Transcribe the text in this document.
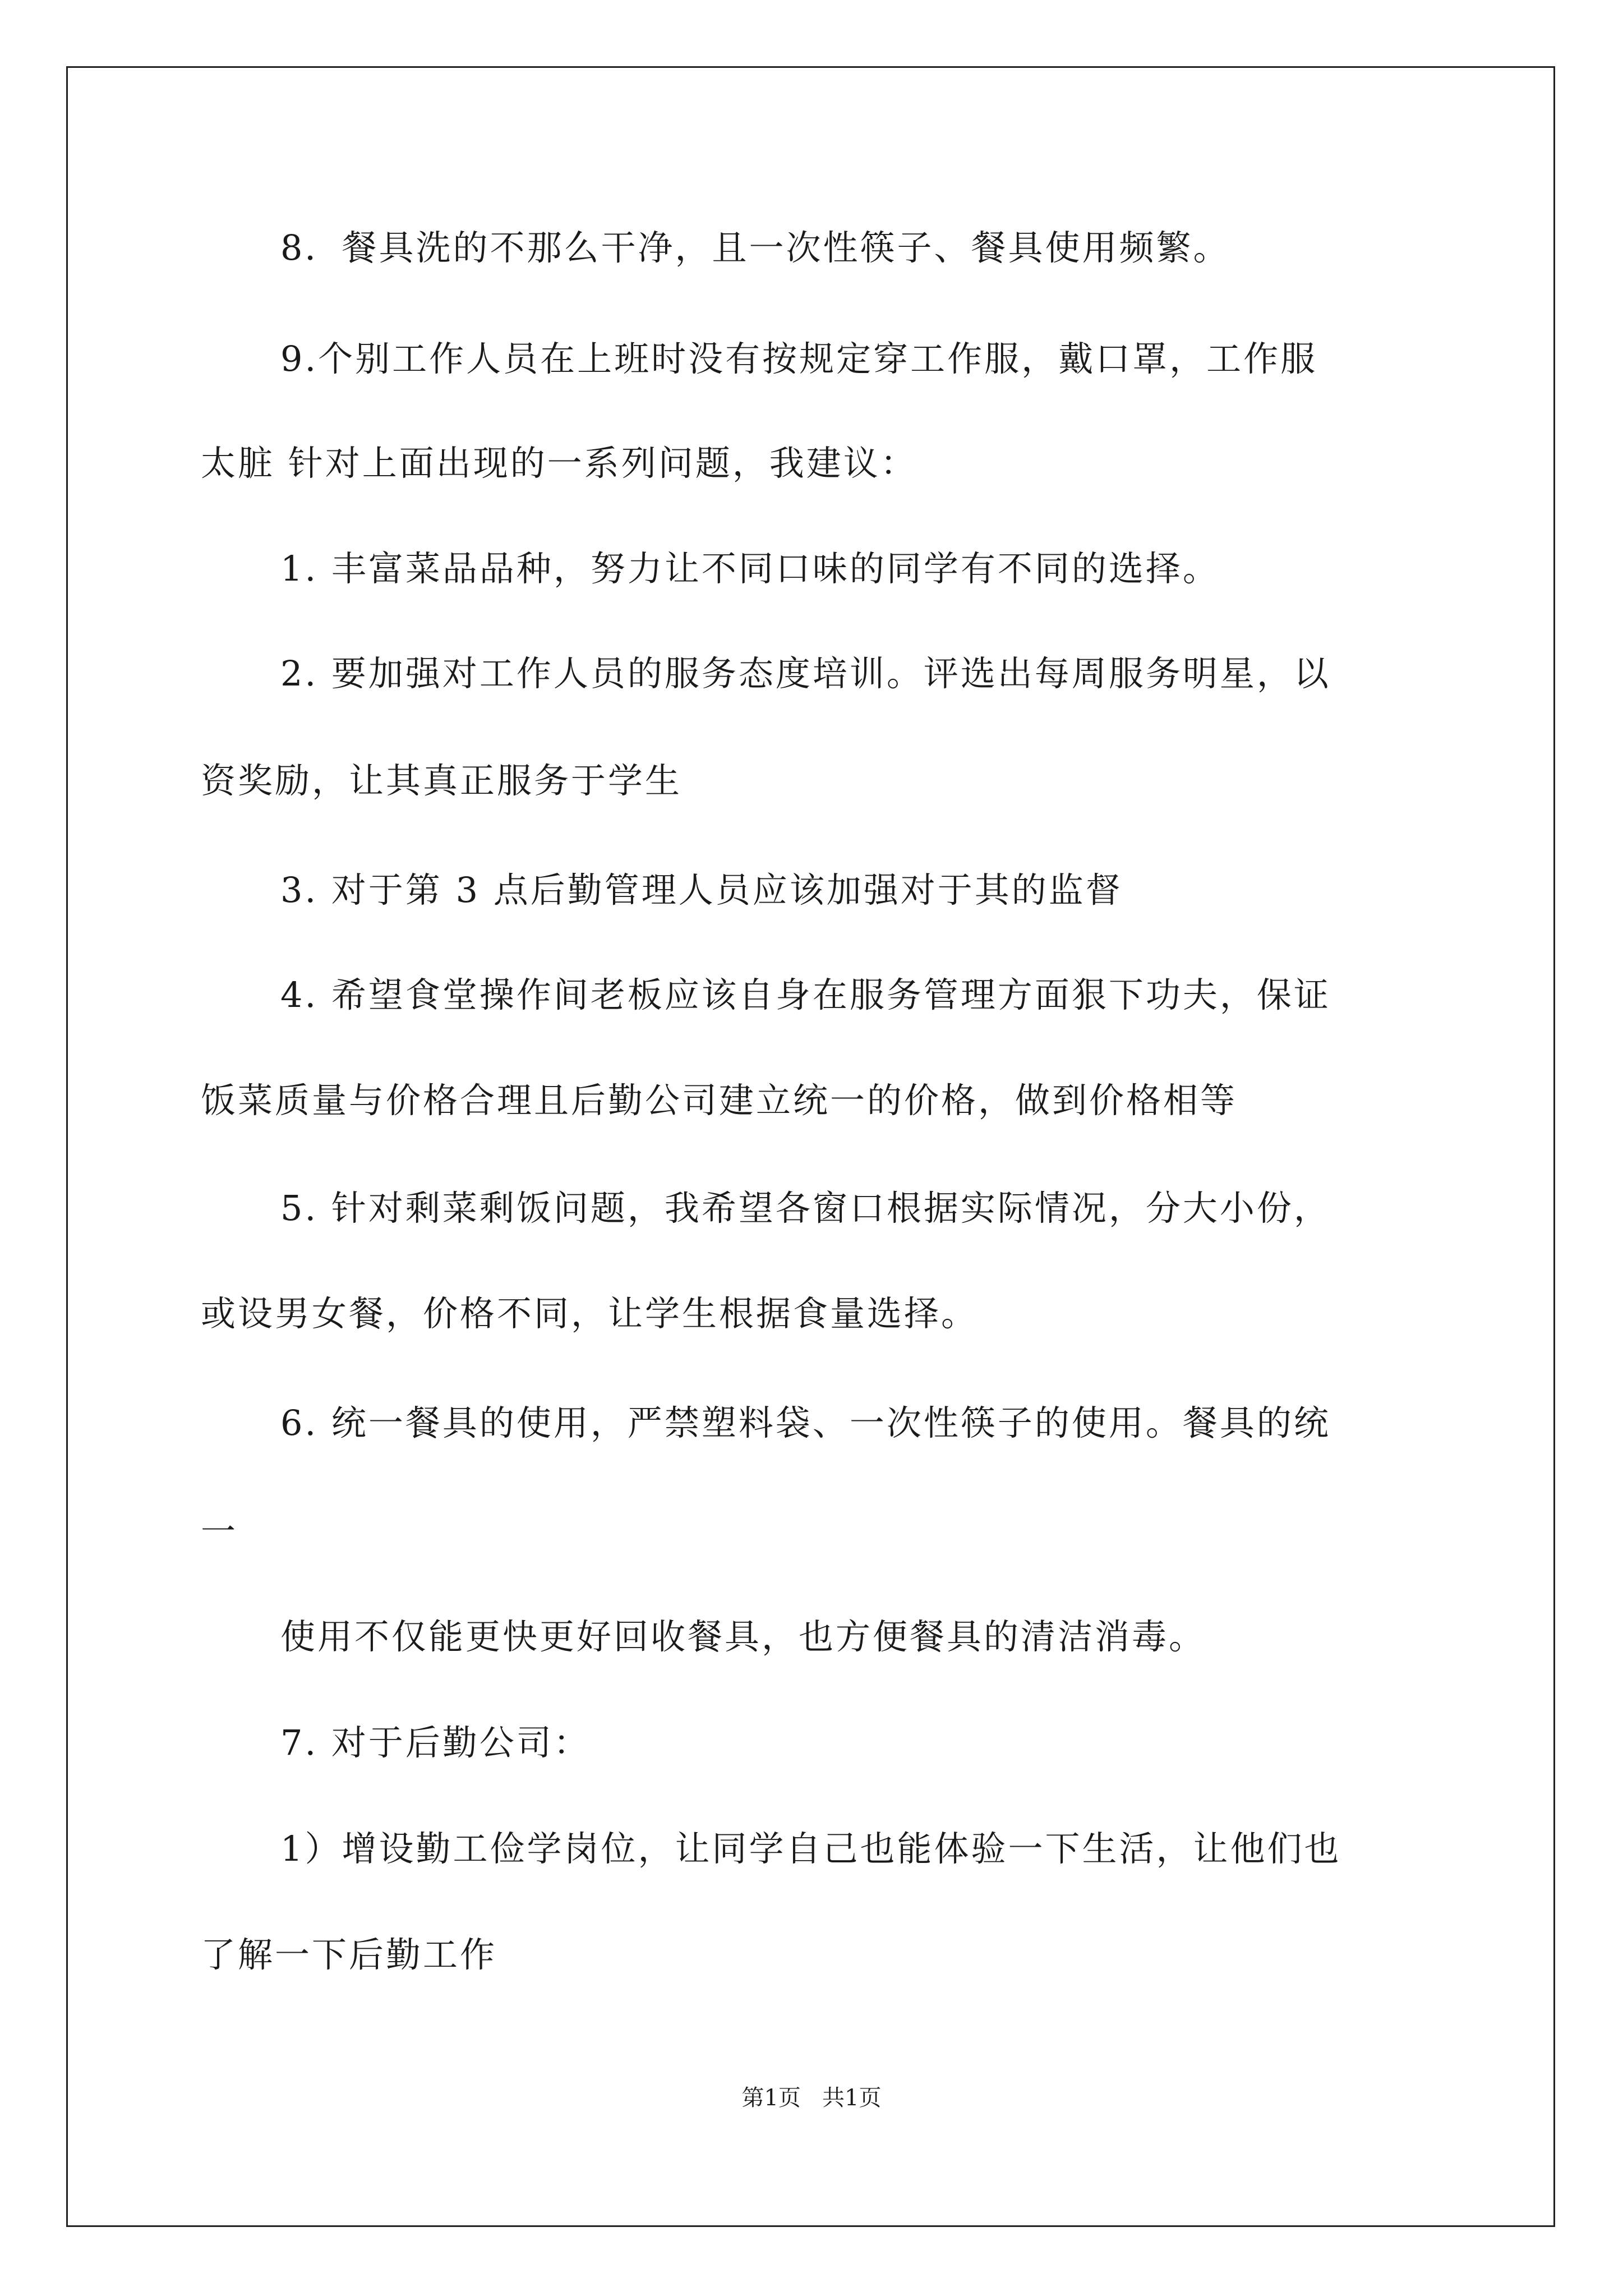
8．餐具洗的不那么干净，且一次性筷子、餐具使用频繁。
9.个别工作人员在上班时没有按规定穿工作服，戴口罩，工作服
太脏 针对上面出现的一系列问题，我建议：
1. 丰富菜品品种，努力让不同口味的同学有不同的选择。
2. 要加强对工作人员的服务态度培训。评选出每周服务明星，以
资奖励，让其真正服务于学生
3. 对于第 3 点后勤管理人员应该加强对于其的监督
4. 希望食堂操作间老板应该自身在服务管理方面狠下功夫，保证
饭菜质量与价格合理且后勤公司建立统一的价格，做到价格相等
5. 针对剩菜剩饭问题，我希望各窗口根据实际情况，分大小份，
或设男女餐，价格不同，让学生根据食量选择。
6. 统一餐具的使用，严禁塑料袋、一次性筷子的使用。餐具的统
一
使用不仅能更快更好回收餐具，也方便餐具的清洁消毒。
7. 对于后勤公司：
1）增设勤工俭学岗位，让同学自己也能体验一下生活，让他们也
了解一下后勤工作
第1页   共1页
